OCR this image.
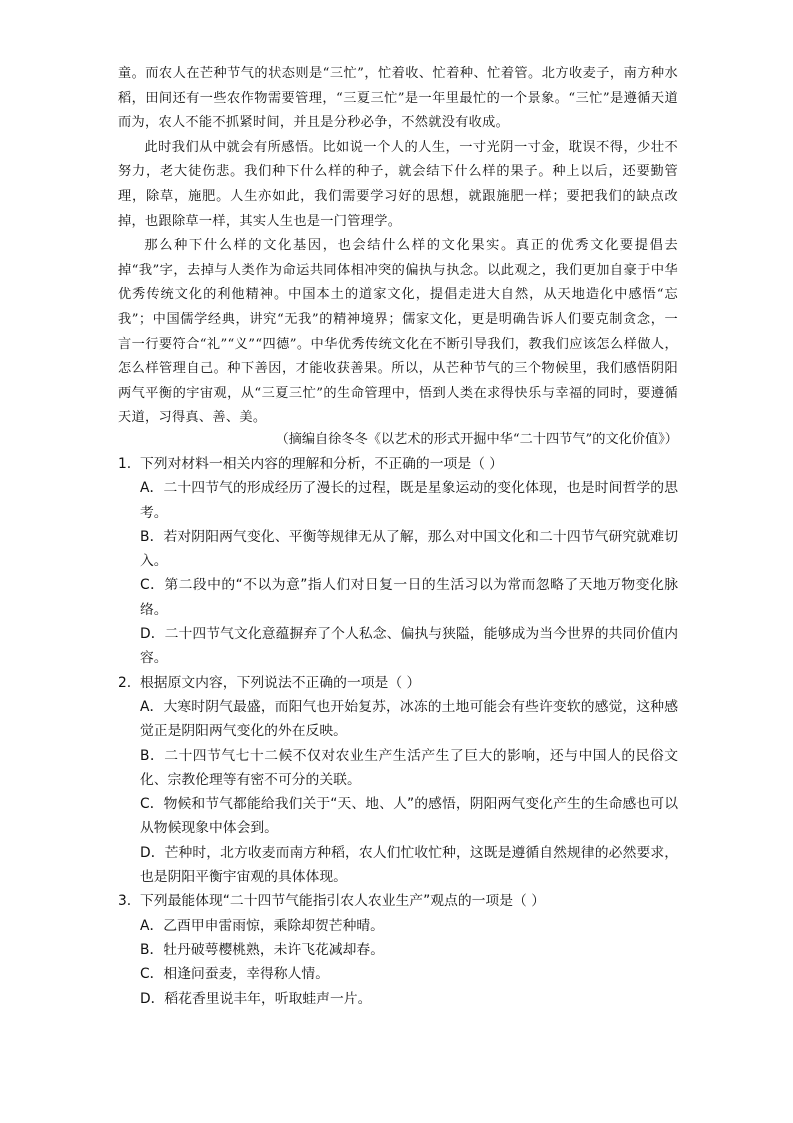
童。而农人在芒种节气的状态则是“三忙”，忙着收、忙着种、忙着管。北方收麦子，南方种水稻，田间还有一些农作物需要管理，“三夏三忙”是一年里最忙的一个景象。“三忙”是遵循天道而为，农人不能不抓紧时间，并且是分秒必争，不然就没有收成。

此时我们从中就会有所感悟。比如说一个人的人生，一寸光阴一寸金，耽误不得，少壮不努力，老大徒伤悲。我们种下什么样的种子，就会结下什么样的果子。种上以后，还要勤管理，除草，施肥。人生亦如此，我们需要学习好的思想，就跟施肥一样；要把我们的缺点改掉，也跟除草一样，其实人生也是一门管理学。

那么种下什么样的文化基因，也会结什么样的文化果实。真正的优秀文化要提倡去掉“我”字，去掉与人类作为命运共同体相冲突的偏执与执念。以此观之，我们更加自豪于中华优秀传统文化的利他精神。中国本土的道家文化，提倡走进大自然，从天地造化中感悟“忘我”；中国儒学经典，讲究“无我”的精神境界；儒家文化，更是明确告诉人们要克制贪念，一言一行要符合“礼”“义”“四德”。中华优秀传统文化在不断引导我们，教我们应该怎么样做人，怎么样管理自己。种下善因，才能收获善果。所以，从芒种节气的三个物候里，我们感悟阴阳两气平衡的宇宙观，从“三夏三忙”的生命管理中，悟到人类在求得快乐与幸福的同时，要遵循天道，习得真、善、美。

（摘编自徐冬冬《以艺术的形式开掘中华“二十四节气”的文化价值》）
1. 下列对材料一相关内容的理解和分析，不正确的一项是（ ）
A．二十四节气的形成经历了漫长的过程，既是星象运动的变化体现，也是时间哲学的思考。
B．若对阴阳两气变化、平衡等规律无从了解，那么对中国文化和二十四节气研究就难切入。
C．第二段中的“不以为意”指人们对日复一日的生活习以为常而忽略了天地万物变化脉络。
D．二十四节气文化意蕴摒弃了个人私念、偏执与狭隘，能够成为当今世界的共同价值内容。
2. 根据原文内容，下列说法不正确的一项是（ ）
A．大寒时阴气最盛，而阳气也开始复苏，冰冻的土地可能会有些许变软的感觉，这种感觉正是阴阳两气变化的外在反映。
B．二十四节气七十二候不仅对农业生产生活产生了巨大的影响，还与中国人的民俗文化、宗教伦理等有密不可分的关联。
C．物候和节气都能给我们关于“天、地、人”的感悟，阴阳两气变化产生的生命感也可以从物候现象中体会到。
D．芒种时，北方收麦而南方种稻，农人们忙收忙种，这既是遵循自然规律的必然要求，也是阴阳平衡宇宙观的具体体现。
3. 下列最能体现“二十四节气能指引农人农业生产”观点的一项是（ ）
A．乙酉甲申雷雨惊，乘除却贺芒种晴。
B．牡丹破萼樱桃熟，未许飞花减却春。
C．相逢问蚕麦，幸得称人情。
D．稻花香里说丰年，听取蛙声一片。
